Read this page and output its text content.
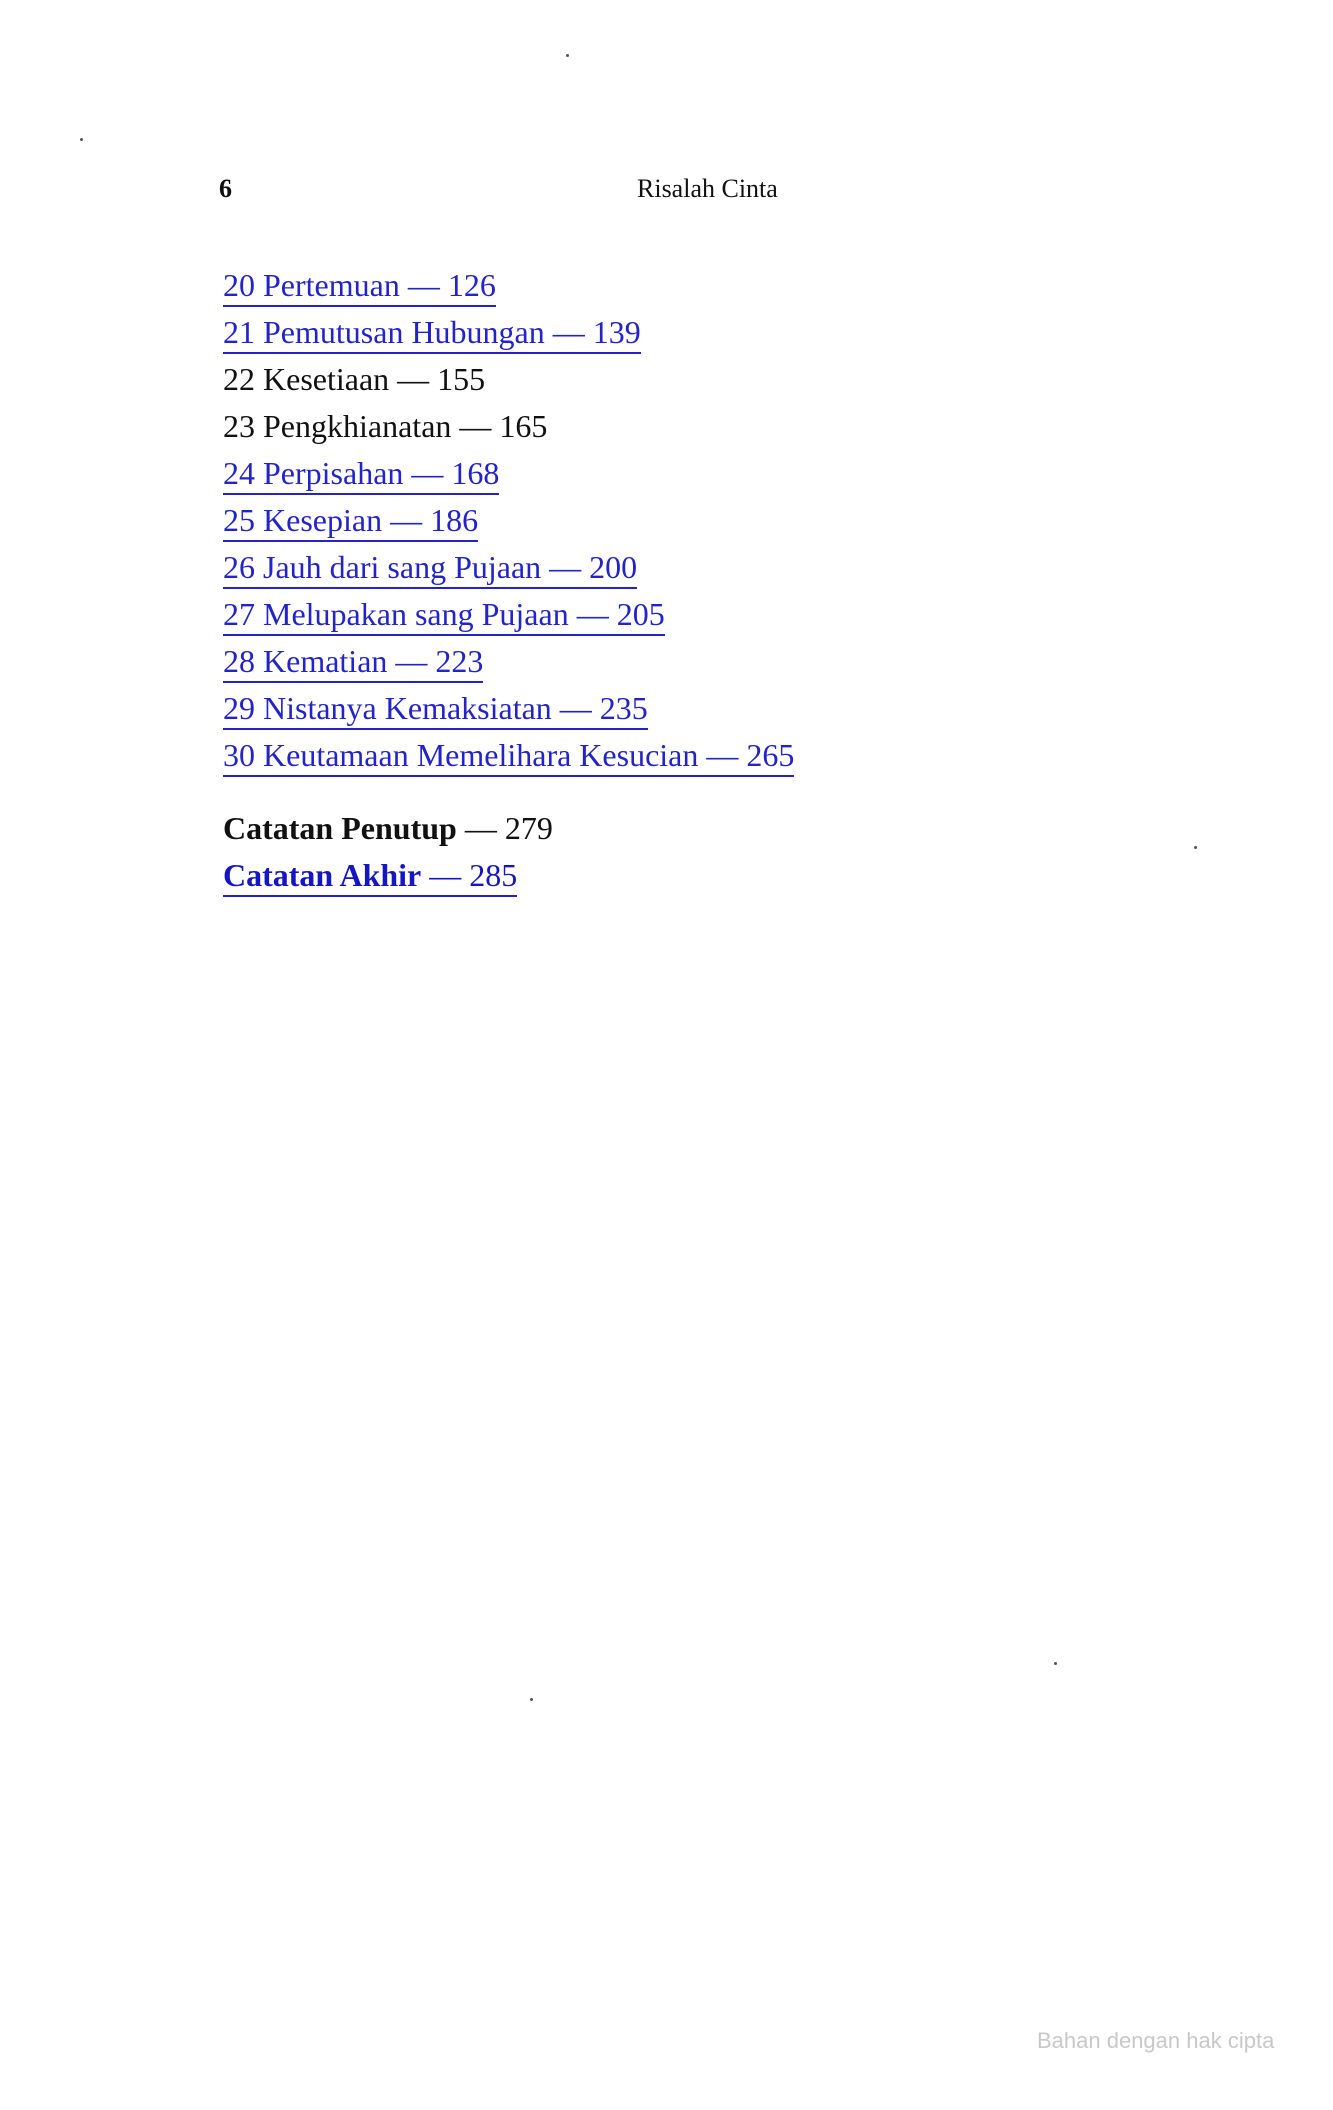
6	Risalah Cinta
20 Pertemuan — 126
21 Pemutusan Hubungan — 139
22 Kesetiaan — 155
23 Pengkhianatan — 165
24 Perpisahan — 168
25 Kesepian — 186
26 Jauh dari sang Pujaan — 200
27 Melupakan sang Pujaan — 205
28 Kematian — 223
29 Nistanya Kemaksiatan — 235
30 Keutamaan Memelihara Kesucian — 265
Catatan Penutup — 279
Catatan Akhir — 285
Bahan dengan hak cipta
